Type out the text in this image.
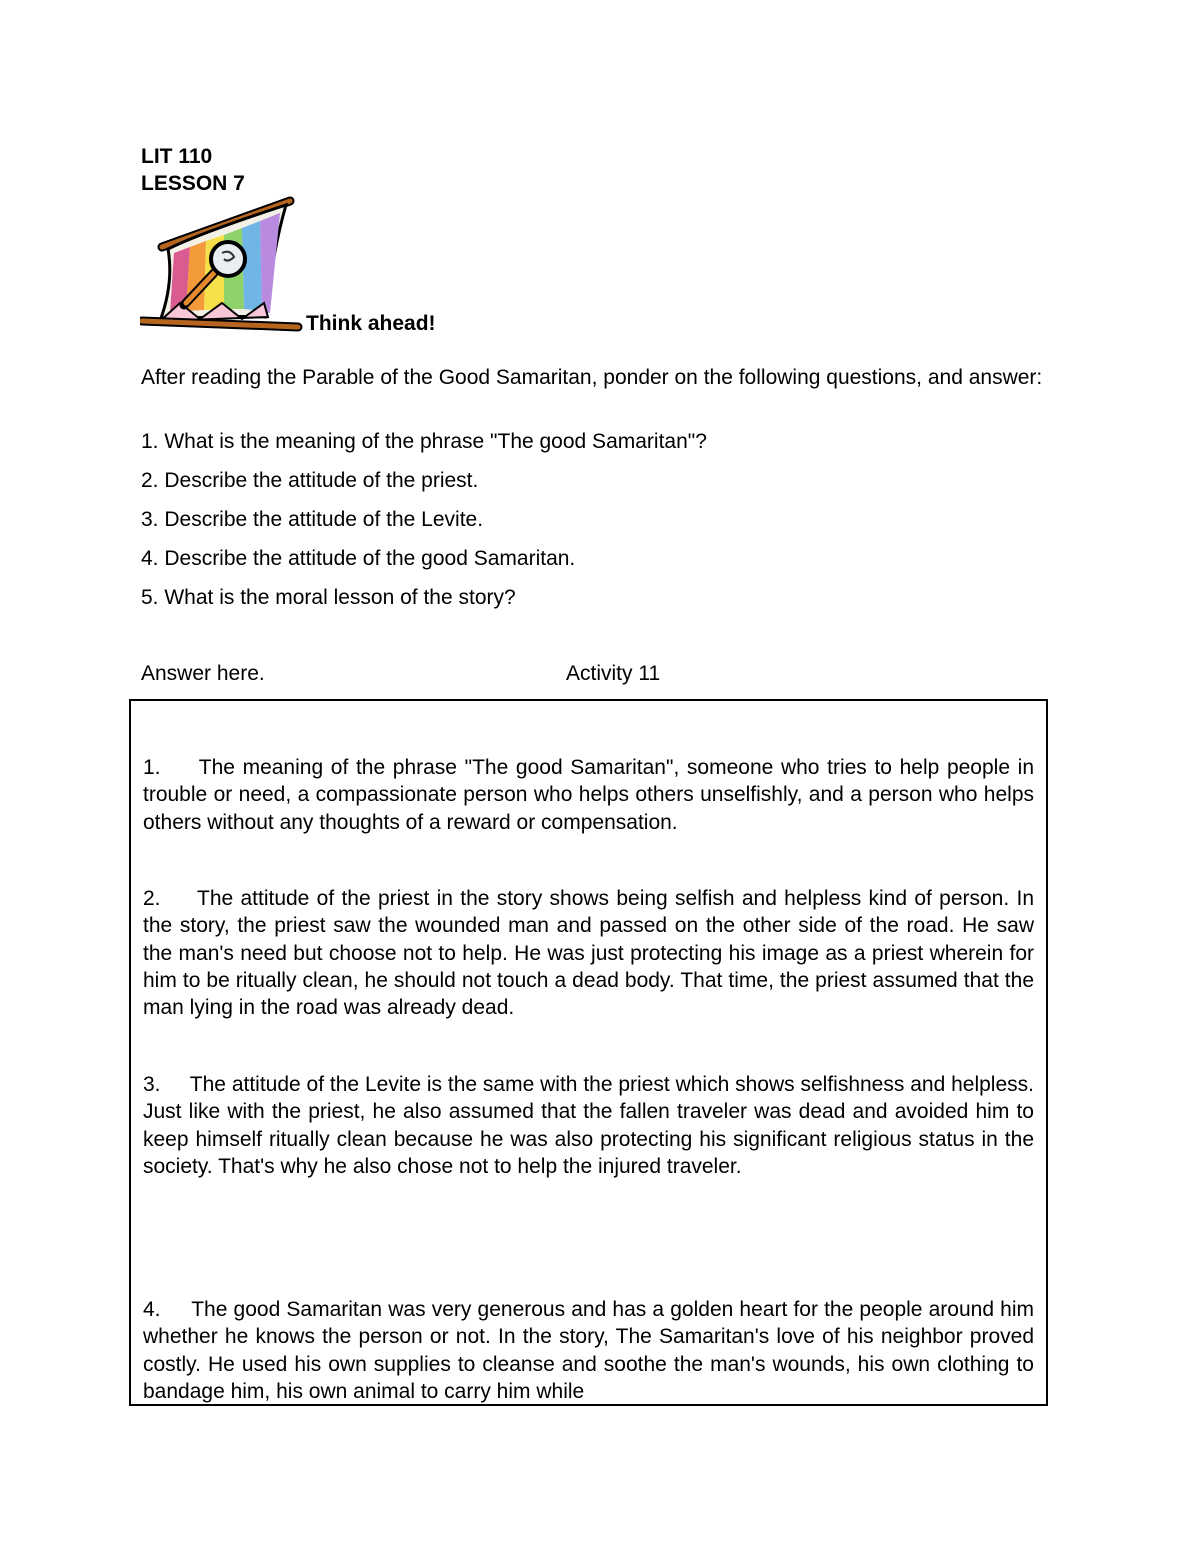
LIT 110
LESSON 7
Think ahead!
After reading the Parable of the Good Samaritan, ponder on the following questions, and answer:
1. What is the meaning of the phrase "The good Samaritan"?
2. Describe the attitude of the priest.
3. Describe the attitude of the Levite.
4. Describe the attitude of the good Samaritan.
5. What is the moral lesson of the story?
Answer here.	Activity 11

1. The meaning of the phrase "The good Samaritan", someone who tries to help people in trouble or need, a compassionate person who helps others unselfishly, and a person who helps others without any thoughts of a reward or compensation.

2. The attitude of the priest in the story shows being selfish and helpless kind of person. In the story, the priest saw the wounded man and passed on the other side of the road. He saw the man's need but choose not to help. He was just protecting his image as a priest wherein for him to be ritually clean, he should not touch a dead body. That time, the priest assumed that the man lying in the road was already dead.

3. The attitude of the Levite is the same with the priest which shows selfishness and helpless. Just like with the priest, he also assumed that the fallen traveler was dead and avoided him to keep himself ritually clean because he was also protecting his significant religious status in the society. That's why he also chose not to help the injured traveler.

4. The good Samaritan was very generous and has a golden heart for the people around him whether he knows the person or not. In the story, The Samaritan's love of his neighbor proved costly. He used his own supplies to cleanse and soothe the man's wounds, his own clothing to bandage him, his own animal to carry him while
